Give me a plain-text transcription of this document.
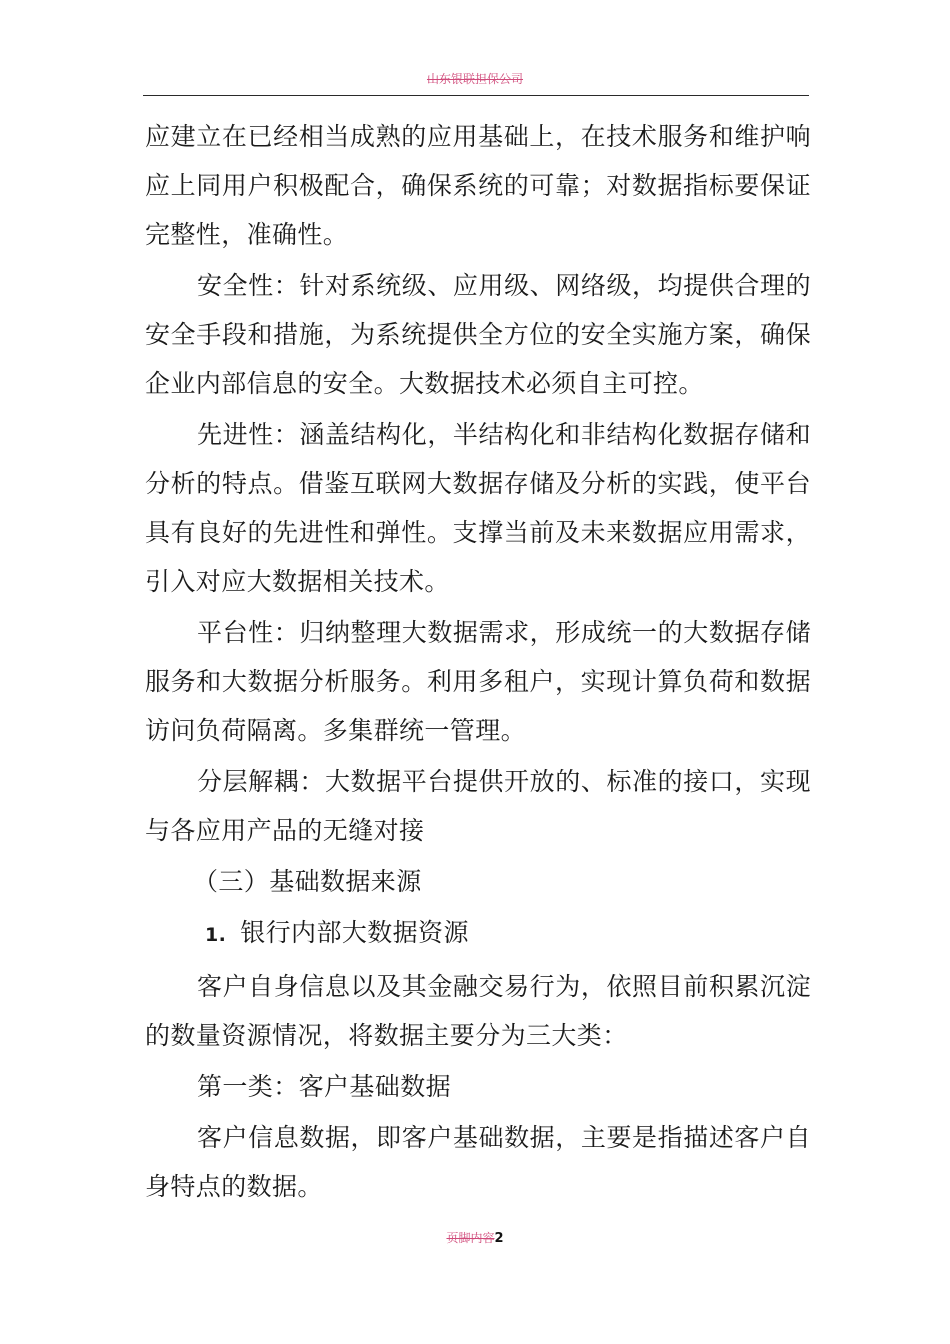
山东银联担保公司

应建立在已经相当成熟的应用基础上，在技术服务和维护响应上同用户积极配合，确保系统的可靠；对数据指标要保证完整性，准确性。

安全性：针对系统级、应用级、网络级，均提供合理的安全手段和措施，为系统提供全方位的安全实施方案，确保企业内部信息的安全。大数据技术必须自主可控。

先进性：涵盖结构化，半结构化和非结构化数据存储和分析的特点。借鉴互联网大数据存储及分析的实践，使平台具有良好的先进性和弹性。支撑当前及未来数据应用需求，引入对应大数据相关技术。

平台性：归纳整理大数据需求，形成统一的大数据存储服务和大数据分析服务。利用多租户，实现计算负荷和数据访问负荷隔离。多集群统一管理。

分层解耦：大数据平台提供开放的、标准的接口，实现与各应用产品的无缝对接

（三）基础数据来源

1. 银行内部大数据资源

客户自身信息以及其金融交易行为，依照目前积累沉淀的数量资源情况，将数据主要分为三大类：

第一类：客户基础数据

客户信息数据，即客户基础数据，主要是指描述客户自身特点的数据。

页脚内容2
